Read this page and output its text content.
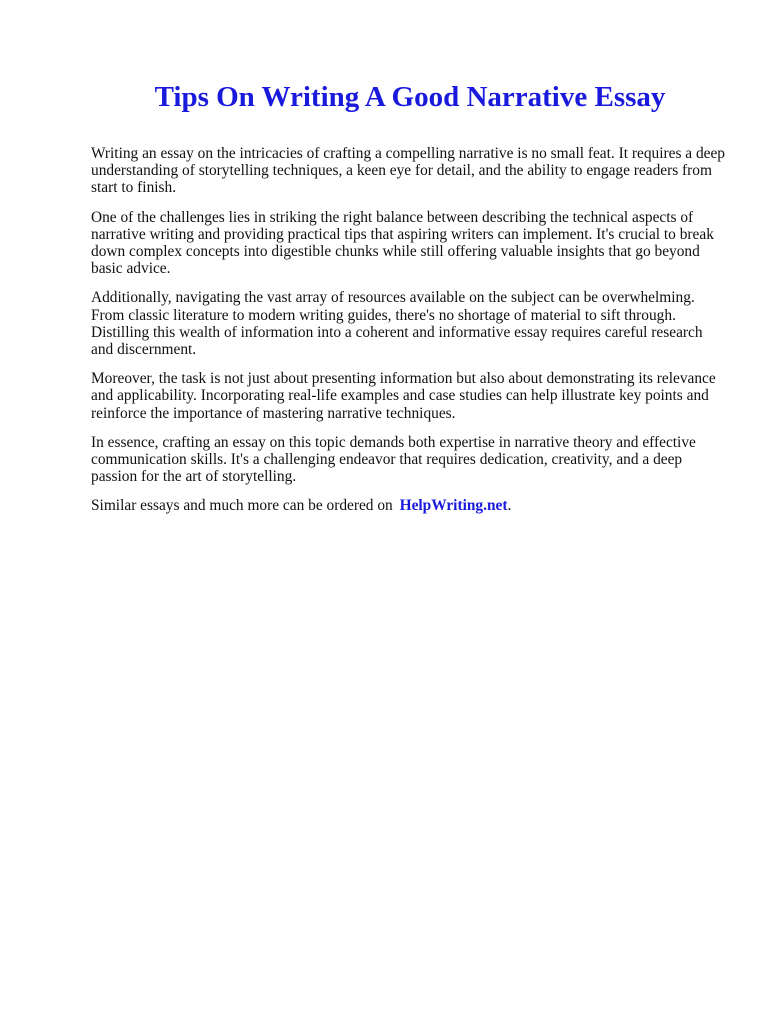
Tips On Writing A Good Narrative Essay

Writing an essay on the intricacies of crafting a compelling narrative is no small feat. It requires a deep understanding of storytelling techniques, a keen eye for detail, and the ability to engage readers from start to finish.

One of the challenges lies in striking the right balance between describing the technical aspects of narrative writing and providing practical tips that aspiring writers can implement. It's crucial to break down complex concepts into digestible chunks while still offering valuable insights that go beyond basic advice.

Additionally, navigating the vast array of resources available on the subject can be overwhelming. From classic literature to modern writing guides, there's no shortage of material to sift through. Distilling this wealth of information into a coherent and informative essay requires careful research and discernment.

Moreover, the task is not just about presenting information but also about demonstrating its relevance and applicability. Incorporating real-life examples and case studies can help illustrate key points and reinforce the importance of mastering narrative techniques.

In essence, crafting an essay on this topic demands both expertise in narrative theory and effective communication skills. It's a challenging endeavor that requires dedication, creativity, and a deep passion for the art of storytelling.

Similar essays and much more can be ordered on HelpWriting.net.
